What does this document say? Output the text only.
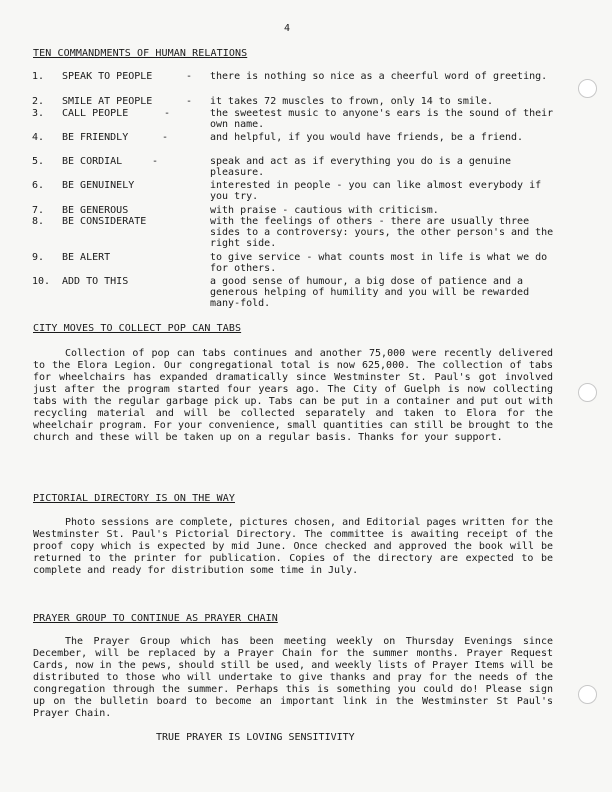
4
TEN COMMANDMENTS OF HUMAN RELATIONS
1.	SPEAK TO PEOPLE	- there is nothing so nice as a cheerful word of greeting.
2.	SMILE AT PEOPLE	- it takes 72 muscles to frown, only 14 to smile.
3.	CALL PEOPLE	-	the sweetest music to anyone's ears is the sound of their own name.
4.	BE FRIENDLY	-	and helpful, if you would have friends, be a friend.
5.	BE CORDIAL	-	speak and act as if everything you do is a genuine pleasure.
6.	BE GENUINELY	interested in people - you can like almost everybody if you try.
7.	BE GENEROUS	with praise - cautious with criticism.
8.	BE CONSIDERATE	with the feelings of others - there are usually three sides to a controversy: yours, the other person's and the right side.
9.	BE ALERT	to give service - what counts most in life is what we do for others.
10.	ADD TO THIS	a good sense of humour, a big dose of patience and a generous helping of humility and you will be rewarded many-fold.
CITY MOVES TO COLLECT POP CAN TABS
Collection of pop can tabs continues and another 75,000 were recently delivered to the Elora Legion. Our congregational total is now 625,000. The collection of tabs for wheelchairs has expanded dramatically since Westminster St. Paul's got involved just after the program started four years ago. The City of Guelph is now collecting tabs with the regular garbage pick up. Tabs can be put in a container and put out with recycling material and will be collected separately and taken to Elora for the wheelchair program. For your convenience, small quantities can still be brought to the church and these will be taken up on a regular basis. Thanks for your support.
PICTORIAL DIRECTORY IS ON THE WAY
Photo sessions are complete, pictures chosen, and Editorial pages written for the Westminster St. Paul's Pictorial Directory. The committee is awaiting receipt of the proof copy which is expected by mid June. Once checked and approved the book will be returned to the printer for publication. Copies of the directory are expected to be complete and ready for distribution some time in July.
PRAYER GROUP TO CONTINUE AS PRAYER CHAIN
The Prayer Group which has been meeting weekly on Thursday Evenings since December, will be replaced by a Prayer Chain for the summer months. Prayer Request Cards, now in the pews, should still be used, and weekly lists of Prayer Items will be distributed to those who will undertake to give thanks and pray for the needs of the congregation through the summer. Perhaps this is something you could do! Please sign up on the bulletin board to become an important link in the Westminster St Paul's Prayer Chain.
TRUE PRAYER IS LOVING SENSITIVITY
